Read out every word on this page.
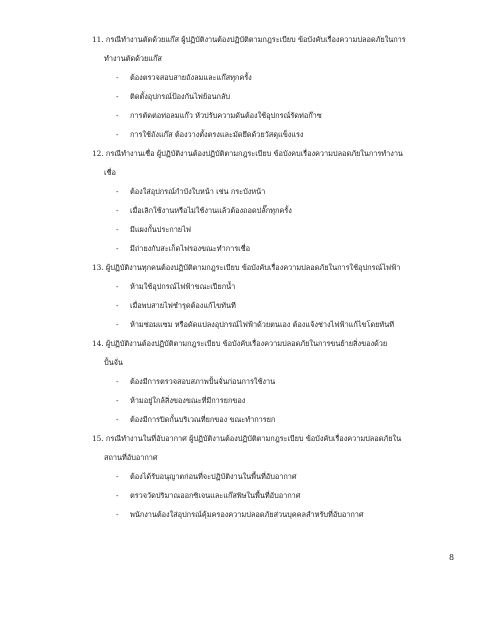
11. กรณีทำงานตัดด้วยแก๊ส ผู้ปฏิบัติงานต้องปฏิบัติตามกฎระเบียบ ข้อบังคับเรื่องความปลอดภัยในการ
ทำงานตัดด้วยแก๊ส
- ต้องตรวจสอบสายถังลมและแก๊สทุกครั้ง
- ติดตั้งอุปกรณ์ป้องกันไฟย้อนกลับ
- การตัดต่อท่อลมแก๊ว หัวปรับความดันต้องใช้อุปกรณ์รัดท่อก๊าซ
- การใช้ถังแก๊ส ต้องวางตั้งตรงและมัดยึดด้วยวัสดุแข็งแรง
12. กรณีทำงานเชื่อ ผู้ปฏิบัติงานต้องปฏิบัติตามกฎระเบียบ ข้อบังคบเรื่องความปลอดภัยในการทำงาน
เชื่อ
- ต้องใส่อุปกรณ์กำบังใบหน้า เช่น กระบังหน้า
- เมื่อเลิกใช้งานหรือไม่ใช้งานแล้วต้องถอดปลั๊กทุกครั้ง
- มีแผงกั้นประกายไฟ
- มีถ่ายงกับสะเก็ดไฟรองขณะทำการเชื่อ
13. ผู้ปฏิบัติงานทุกคนต้องปฏิบัติตามกฎระเบียบ ข้อบังคับเรื่องความปลอดภัยในการใช้อุปกรณ์ไฟฟ้า
- ห้ามใช้อุปกรณ์ไฟฟ้าขณะเปียกน้ำ
- เมื่อพบสายไฟชำรุดต้องแก้ไขทันที
- ห้ามซ่อมแซม หรือดัดแปลงอุปกรณ์ไฟฟ้าด้วยตนเอง ต้องแจ้งช่างไฟฟ้าแก้ไขโดยทันที
14. ผู้ปฏิบัติงานต้องปฏิบัติตามกฎระเบียบ ข้อบังคับเรื่องความปลอดภัยในการขนย้ายสิ่งของด้วย
ปั้นจั่น
- ต้องมีการตรวจสอบสภาพปั้นจั่นก่อนการใช้งาน
- ห้ามอยู่ใกล้สิ่งของขณะที่มีการยกของ
- ต้องมีการปิดกั้นบริเวณที่ยกของ ขณะทำการยก
15. กรณีทำงานในที่อับอากาศ ผู้ปฏิบัติงานต้องปฏิบัติตามกฎระเบียบ ข้อบังคับเรื่องความปลอดภัยใน
สถานที่อับอากาศ
- ต้องได้รับอนุญาตก่อนที่จะปฏิบัติงานในพื้นที่อับอากาศ
- ตรวจวัดปริมาณออกซิเจนและแก๊สพิษในพื้นที่อับอากาศ
- พนักงานต้องใส่อุปกรณ์คุ้มครองความปลอดภัยส่วนบุคคลสำหรับที่อับอากาศ
8
